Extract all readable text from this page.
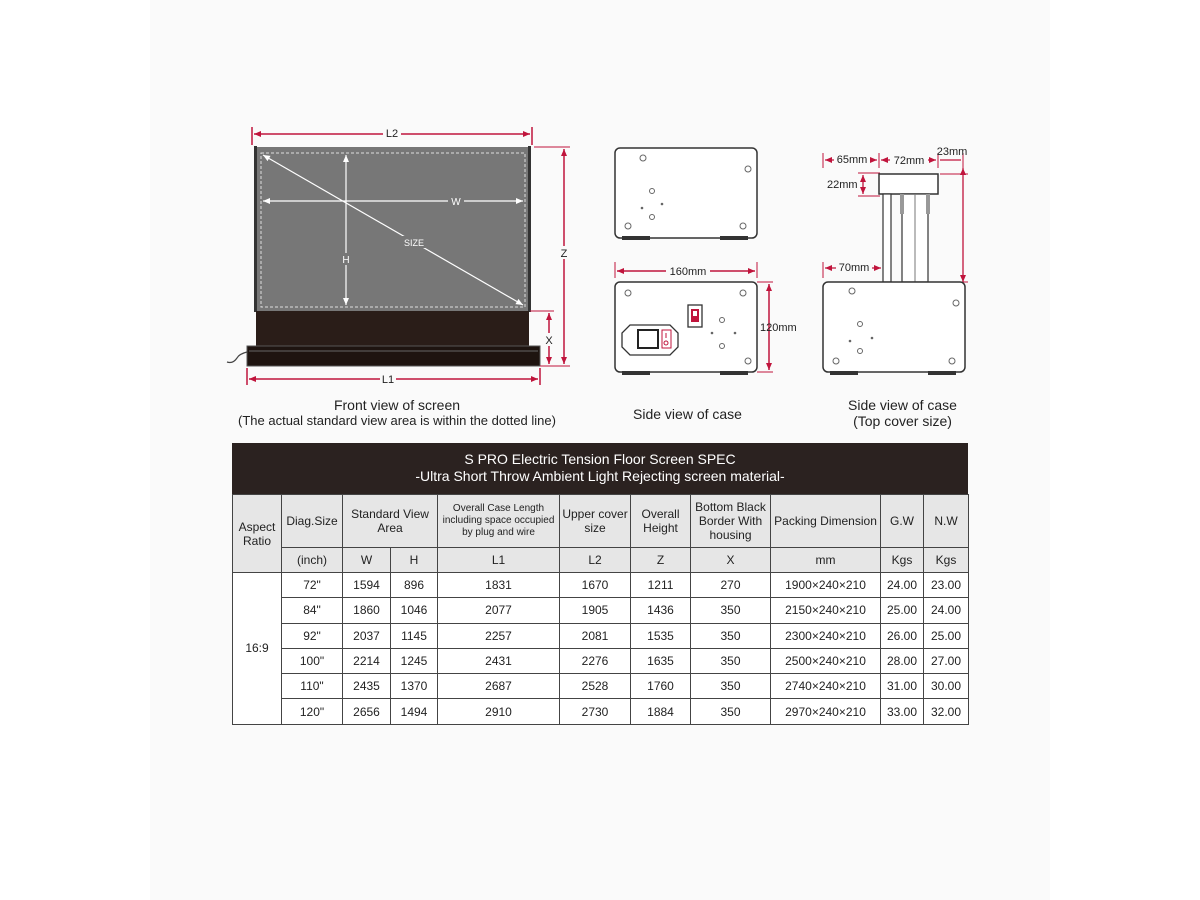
L2
W
H
SIZE
Z
X
L1
160mm
120mm
65mm 72mm
23mm
22mm
70mm
Front view of screen
(The actual standard view area is within the dotted line)	Side view of case
Side view of case
(Top cover size)
S PRO Electric Tension Floor Screen SPEC
-Ultra Short Throw Ambient Light Rejecting screen material-
Aspect Ratio	Diag.Size	Standard View Area		Overall Case Length including space occupied by plug and wire	Upper cover size	Overall Height	Bottom Black Border With housing	Packing Dimension	G.W	N.W
	(inch)	W	H	L1	L2	Z	X	mm	Kgs	Kgs
16:9	72"	1594	896	1831	1670	1211	270	1900×240×210	24.00	23.00
	84"	1860	1046	2077	1905	1436	350	2150×240×210	25.00	24.00
	92"	2037	1145	2257	2081	1535	350	2300×240×210	26.00	25.00
	100"	2214	1245	2431	2276	1635	350	2500×240×210	28.00	27.00
	110"	2435	1370	2687	2528	1760	350	2740×240×210	31.00	30.00
	120"	2656	1494	2910	2730	1884	350	2970×240×210	33.00	32.00
